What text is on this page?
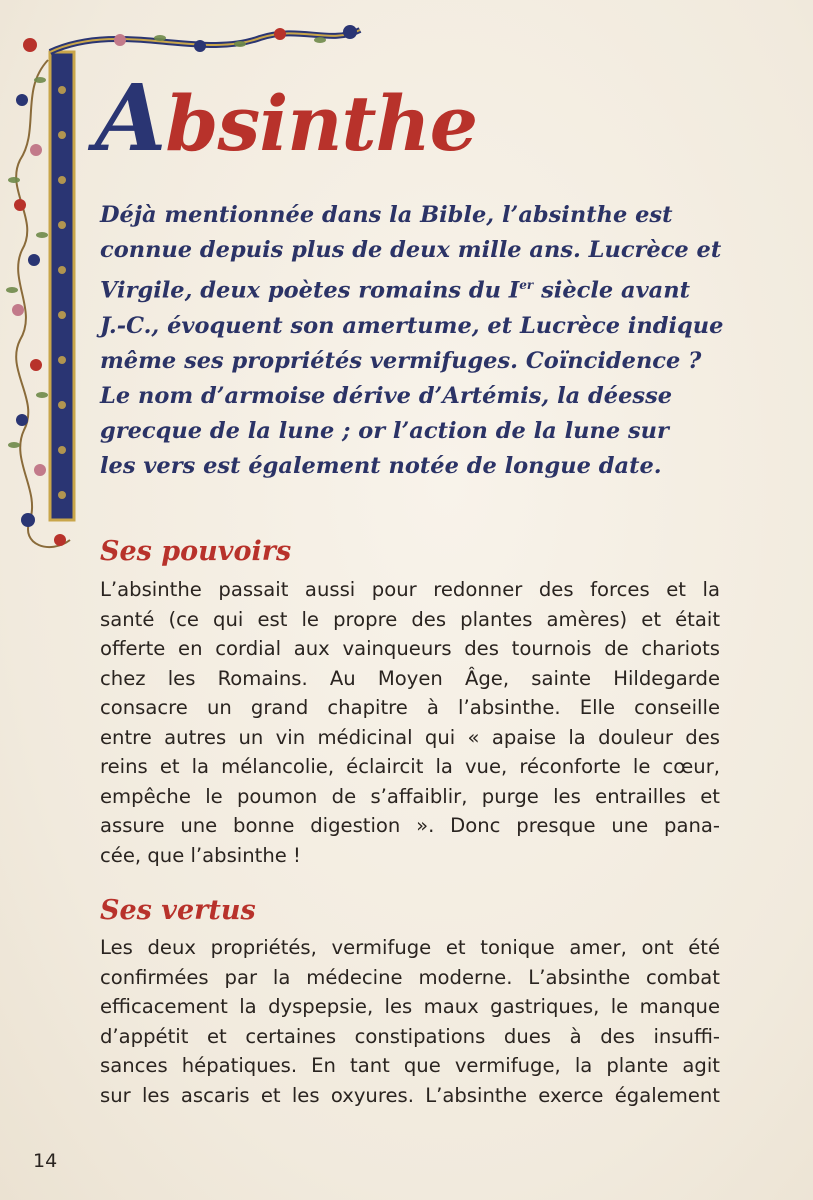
Absinthe

Déjà mentionnée dans la Bible, l’absinthe est
connue depuis plus de deux mille ans. Lucrèce et
Virgile, deux poètes romains du Ier siècle avant
J.-C., évoquent son amertume, et Lucrèce indique
même ses propriétés vermifuges. Coïncidence ?
Le nom d’armoise dérive d’Artémis, la déesse
grecque de la lune ; or l’action de la lune sur
les vers est également notée de longue date.

Ses pouvoirs

L’absinthe passait aussi pour redonner des forces et la
santé (ce qui est le propre des plantes amères) et était
offerte en cordial aux vainqueurs des tournois de chariots
chez les Romains. Au Moyen Âge, sainte Hildegarde
consacre un grand chapitre à l’absinthe. Elle conseille
entre autres un vin médicinal qui « apaise la douleur des
reins et la mélancolie, éclaircit la vue, réconforte le cœur,
empêche le poumon de s’affaiblir, purge les entrailles et
assure une bonne digestion ». Donc presque une pana-
cée, que l’absinthe !

Ses vertus

Les deux propriétés, vermifuge et tonique amer, ont été
confirmées par la médecine moderne. L’absinthe combat
efficacement la dyspepsie, les maux gastriques, le manque
d’appétit et certaines constipations dues à des insuffi-
sances hépatiques. En tant que vermifuge, la plante agit
sur les ascaris et les oxyures. L’absinthe exerce également

14
